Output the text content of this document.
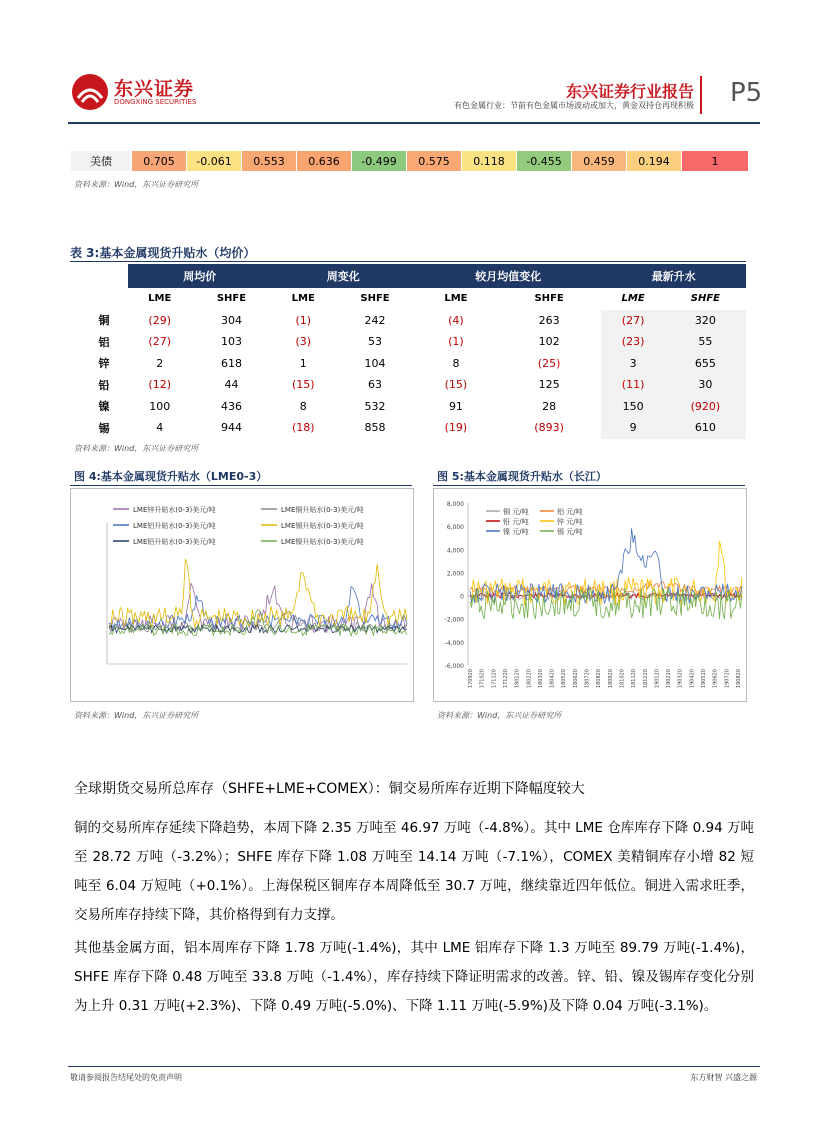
东兴证券
DONGXING SECURITIES
东兴证券行业报告
有色金属行业：节前有色金属市场波动或加大，黄金双持仓再现积极 P5
美债	0.705	-0.061	0.553	0.636	-0.499	0.575	0.118	-0.455	0.459	0.194	1
资料来源：Wind，东兴证券研究所
表 3:基本金属现货升贴水（均价）
	周均价		周变化		较月均值变化		最新升水	
	LME	SHFE	LME	SHFE	LME	SHFE	LME	SHFE
铜	(29)	304	(1)	242	(4)	263	(27)	320
铝	(27)	103	(3)	53	(1)	102	(23)	55
锌	2	618	1	104	8	(25)	3	655
铅	(12)	44	(15)	63	(15)	125	(11)	30
镍	100	436	8	532	91	28	150	(920)
锡	4	944	(18)	858	(19)	(893)	9	610
资料来源：Wind，东兴证券研究所
图 4:基本金属现货升贴水（LME0-3）
LME锌升贴水(0-3)美元/吨	LME铜升贴水(0-3)美元/吨
LME铝升贴水(0-3)美元/吨	LME锡升贴水(0-3)美元/吨
LME铅升贴水(0-3)美元/吨	LME镍升贴水(0-3)美元/吨
资料来源：Wind，东兴证券研究所
图 5:基本金属现货升贴水（长江）
8,000
6,000
4,000
2,000
0
-2,000
-4,000
-6,000
170920 171020 171120 171220 180120 180220 180320 180420 180520 180620 180720 180820 180920 181020 181120 181220 190120 190220 190320 190420 190520 190620 190720 190820
铜 元/吨	铝 元/吨
铅 元/吨	锌 元/吨
镍 元/吨	锡 元/吨
资料来源：Wind，东兴证券研究所
全球期货交易所总库存（SHFE+LME+COMEX）：铜交易所库存近期下降幅度较大
铜的交易所库存延续下降趋势，本周下降 2.35 万吨至 46.97 万吨（-4.8%）。其中 LME 仓库库存下降 0.94 万吨至 28.72 万吨（-3.2%）；SHFE 库存下降 1.08 万吨至 14.14 万吨（-7.1%），COMEX 美精铜库存小增 82 短吨至 6.04 万短吨（+0.1%）。上海保税区铜库存本周降低至 30.7 万吨，继续靠近四年低位。铜进入需求旺季，交易所库存持续下降，其价格得到有力支撑。
其他基金属方面，铝本周库存下降 1.78 万吨(-1.4%)，其中 LME 铝库存下降 1.3 万吨至 89.79 万吨(-1.4%)，SHFE 库存下降 0.48 万吨至 33.8 万吨（-1.4%），库存持续下降证明需求的改善。锌、铅、镍及锡库存变化分别为上升 0.31 万吨(+2.3%)、下降 0.49 万吨(-5.0%)、下降 1.11 万吨(-5.9%)及下降 0.04 万吨(-3.1%)。
敬请参阅报告结尾处的免责声明	东方财智 兴盛之源
